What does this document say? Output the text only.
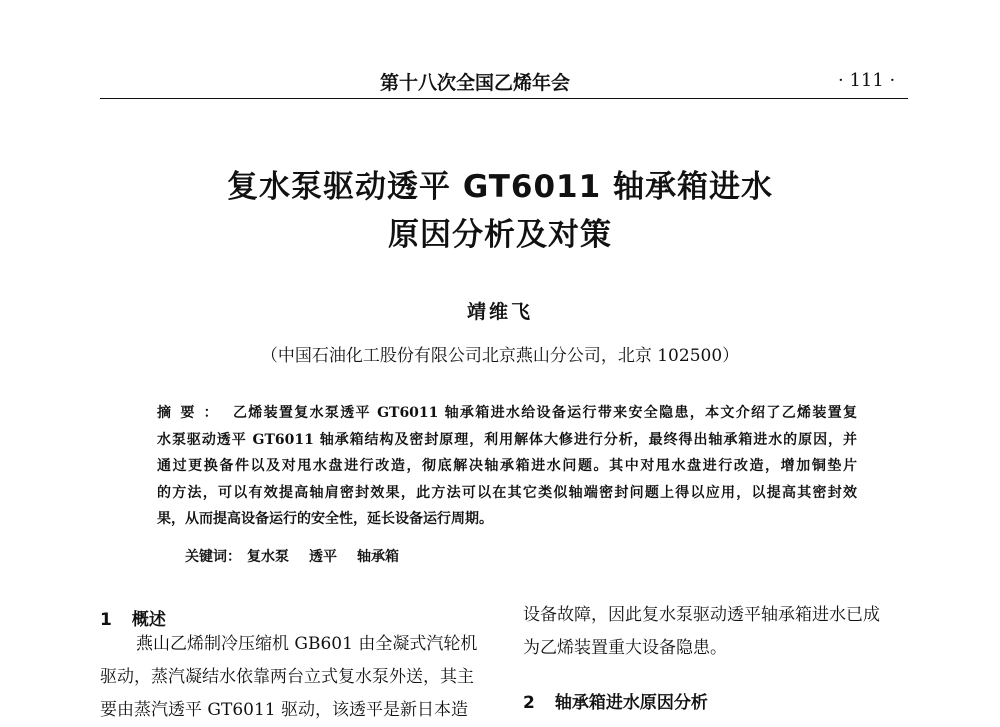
第十八次全国乙烯年会	· 111 ·
复水泵驱动透平 GT6011 轴承箱进水
原因分析及对策
靖维飞
（中国石油化工股份有限公司北京燕山分公司，北京 102500）
摘要： 乙烯装置复水泵透平 GT6011 轴承箱进水给设备运行带来安全隐患，本文介绍了乙烯装置复
水泵驱动透平 GT6011 轴承箱结构及密封原理，利用解体大修进行分析，最终得出轴承箱进水的原因，并
通过更换备件以及对甩水盘进行改造，彻底解决轴承箱进水问题。其中对甩水盘进行改造，增加铜垫片
的方法，可以有效提高轴肩密封效果，此方法可以在其它类似轴端密封问题上得以应用，以提高其密封效
果，从而提高设备运行的安全性，延长设备运行周期。
关键词： 复水泵 透平 轴承箱
1 概述
燕山乙烯制冷压缩机 GB601 由全凝式汽轮机
驱动，蒸汽凝结水依靠两台立式复水泵外送，其主
要由蒸汽透平 GT6011 驱动，该透平是新日本造
设备故障，因此复水泵驱动透平轴承箱进水已成
为乙烯装置重大设备隐患。
2 轴承箱进水原因分析
